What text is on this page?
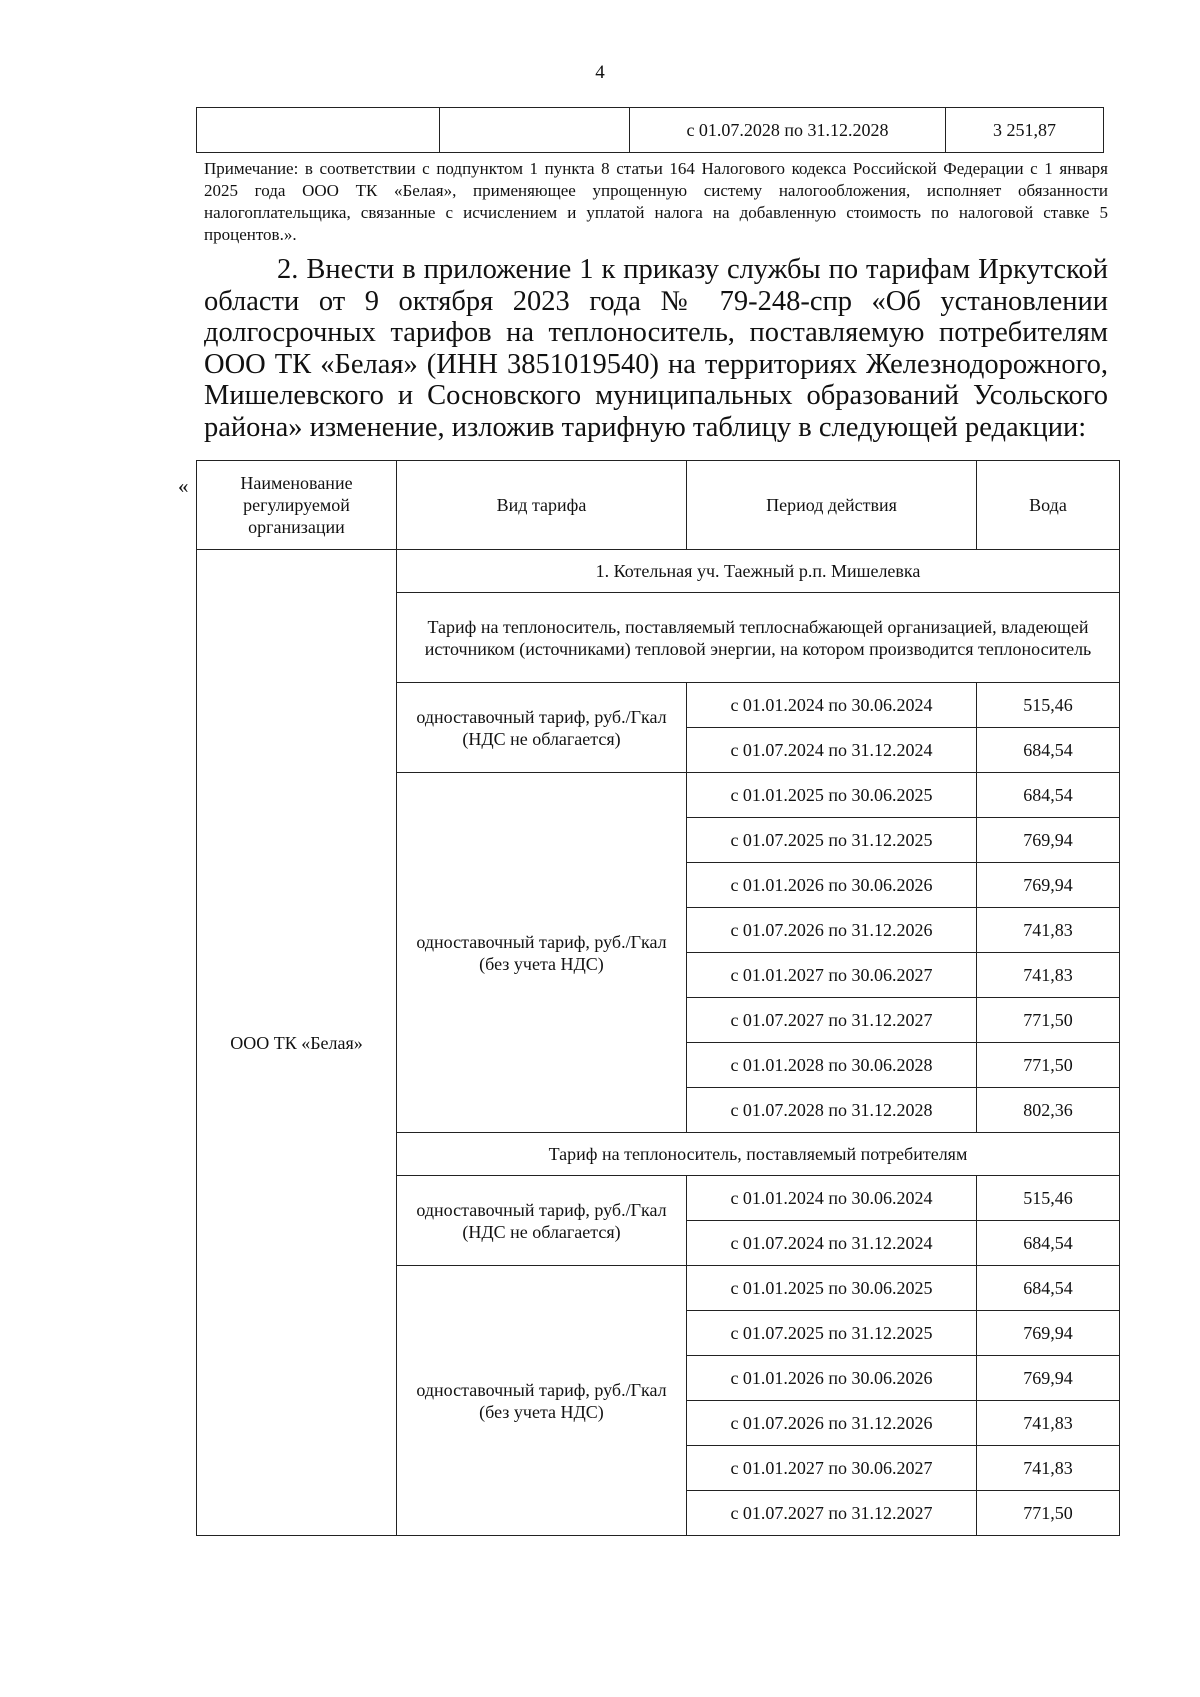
4
		с 01.07.2028 по 31.12.2028	3 251,87
Примечание: в соответствии с подпунктом 1 пункта 8 статьи 164 Налогового кодекса Российской Федерации с 1 января 2025 года ООО ТК «Белая», применяющее упрощенную систему налогообложения, исполняет обязанности налогоплательщика, связанные с исчислением и уплатой налога на добавленную стоимость по налоговой ставке 5 процентов.».
2. Внести в приложение 1 к приказу службы по тарифам Иркутской
области от 9 октября 2023 года № 79-248-спр «Об установлении
долгосрочных тарифов на теплоноситель, поставляемую потребителям
ООО ТК «Белая» (ИНН 3851019540) на территориях Железнодорожного,
Мишелевского и Сосновского муниципальных образований Усольского
района» изменение, изложив тарифную таблицу в следующей редакции:
«	Наименование регулируемой организации	Вид тарифа	Период действия	Вода
ООО ТК «Белая»	1. Котельная уч. Таежный р.п. Мишелевка		
	Тариф на теплоноситель, поставляемый теплоснабжающей организацией, владеющей источником (источниками) тепловой энергии, на котором производится теплоноситель		
	одноставочный тариф, руб./Гкал (НДС не облагается)	с 01.01.2024 по 30.06.2024	515,46
		с 01.07.2024 по 31.12.2024	684,54
	одноставочный тариф, руб./Гкал (без учета НДС)	с 01.01.2025 по 30.06.2025	684,54
		с 01.07.2025 по 31.12.2025	769,94
		с 01.01.2026 по 30.06.2026	769,94
		с 01.07.2026 по 31.12.2026	741,83
		с 01.01.2027 по 30.06.2027	741,83
		с 01.07.2027 по 31.12.2027	771,50
		с 01.01.2028 по 30.06.2028	771,50
		с 01.07.2028 по 31.12.2028	802,36
	Тариф на теплоноситель, поставляемый потребителям		
	одноставочный тариф, руб./Гкал (НДС не облагается)	с 01.01.2024 по 30.06.2024	515,46
		с 01.07.2024 по 31.12.2024	684,54
	одноставочный тариф, руб./Гкал (без учета НДС)	с 01.01.2025 по 30.06.2025	684,54
		с 01.07.2025 по 31.12.2025	769,94
		с 01.01.2026 по 30.06.2026	769,94
		с 01.07.2026 по 31.12.2026	741,83
		с 01.01.2027 по 30.06.2027	741,83
		с 01.07.2027 по 31.12.2027	771,50
